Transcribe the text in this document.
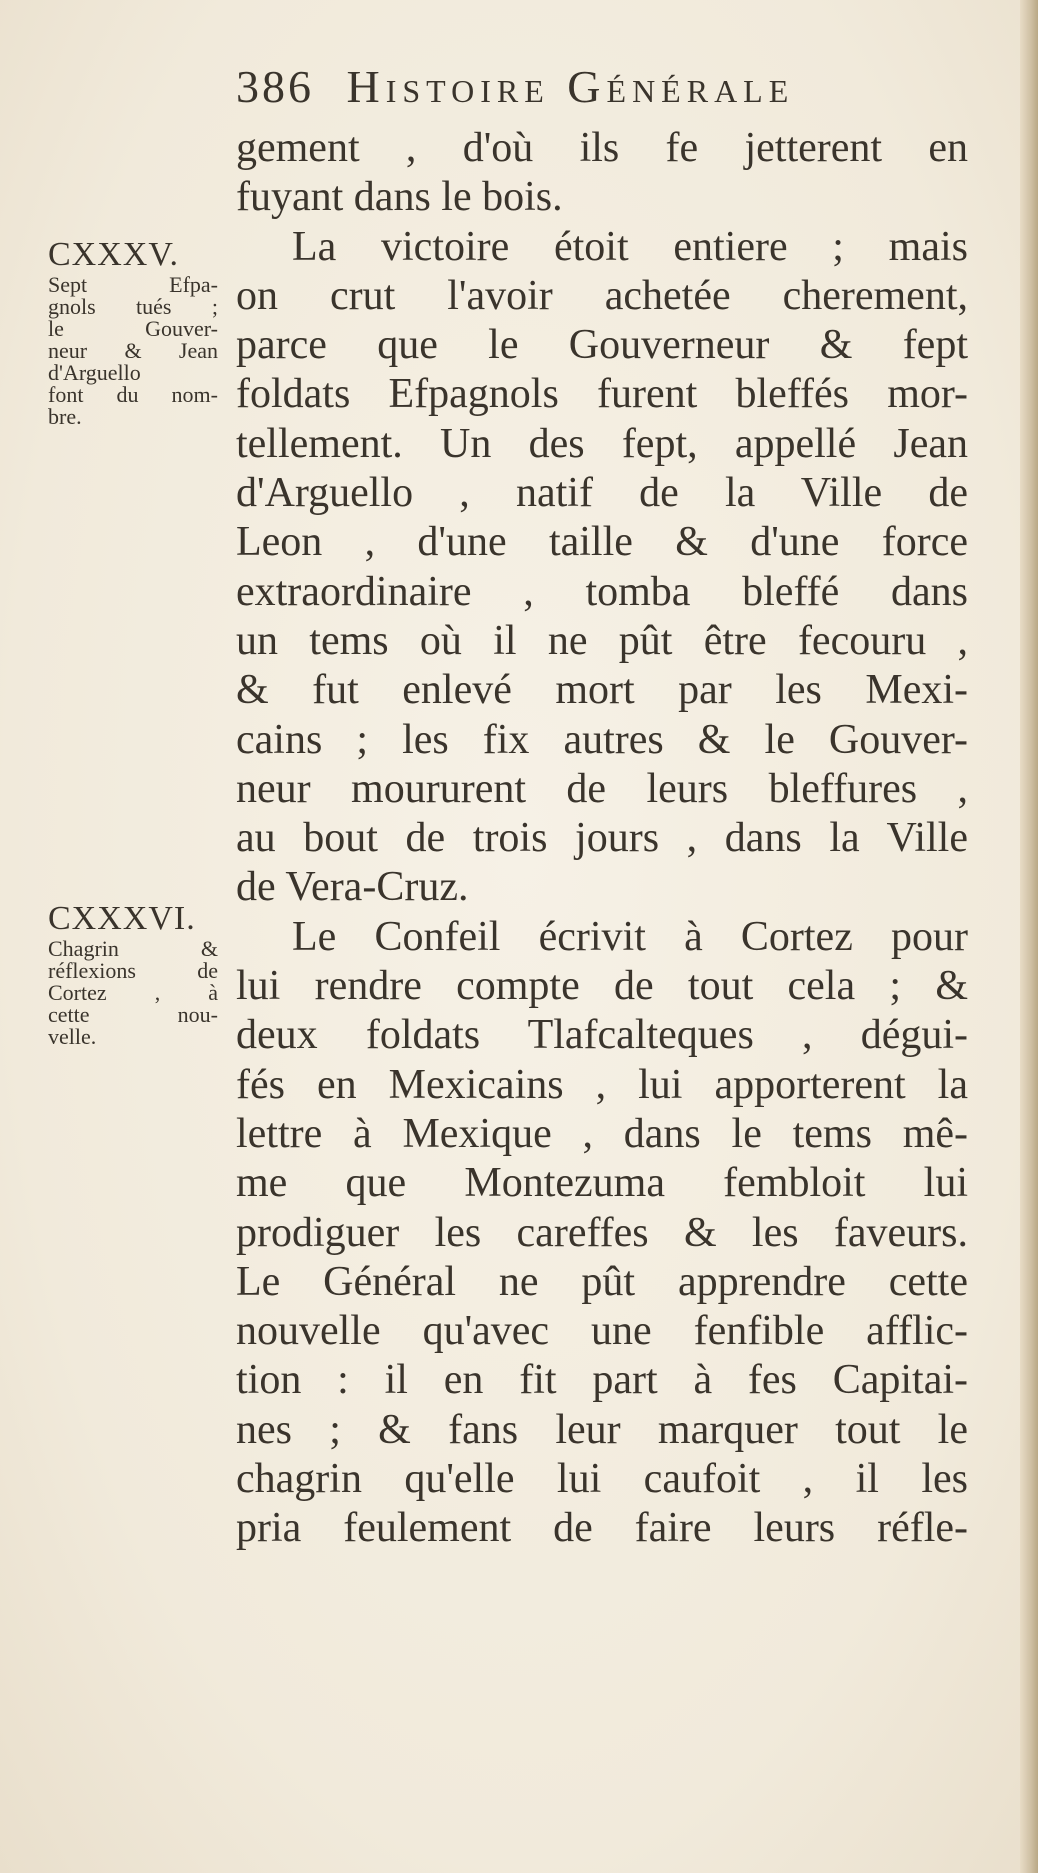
386 Histoire Générale
CXXXV.
Sept Efpa-
gnols tués ;
le Gouver-
neur & Jean
d'Arguello
font du nom-
bre.
CXXXVI.
Chagrin &
réflexions de
Cortez , à
cette nou-
velle.
gement , d'où ils fe jetterent en
fuyant dans le bois.
La victoire étoit entiere ; mais
on crut l'avoir achetée cherement,
parce que le Gouverneur & fept
foldats Efpagnols furent bleffés mor-
tellement. Un des fept, appellé Jean
d'Arguello , natif de la Ville de
Leon , d'une taille & d'une force
extraordinaire , tomba bleffé dans
un tems où il ne pût être fecouru ,
& fut enlevé mort par les Mexi-
cains ; les fix autres & le Gouver-
neur moururent de leurs bleffures ,
au bout de trois jours , dans la Ville
de Vera-Cruz.
Le Confeil écrivit à Cortez pour
lui rendre compte de tout cela ; &
deux foldats Tlafcalteques , dégui-
fés en Mexicains , lui apporterent la
lettre à Mexique , dans le tems mê-
me que Montezuma fembloit lui
prodiguer les careffes & les faveurs.
Le Général ne pût apprendre cette
nouvelle qu'avec une fenfible afflic-
tion : il en fit part à fes Capitai-
nes ; & fans leur marquer tout le
chagrin qu'elle lui caufoit , il les
pria feulement de faire leurs réfle-
